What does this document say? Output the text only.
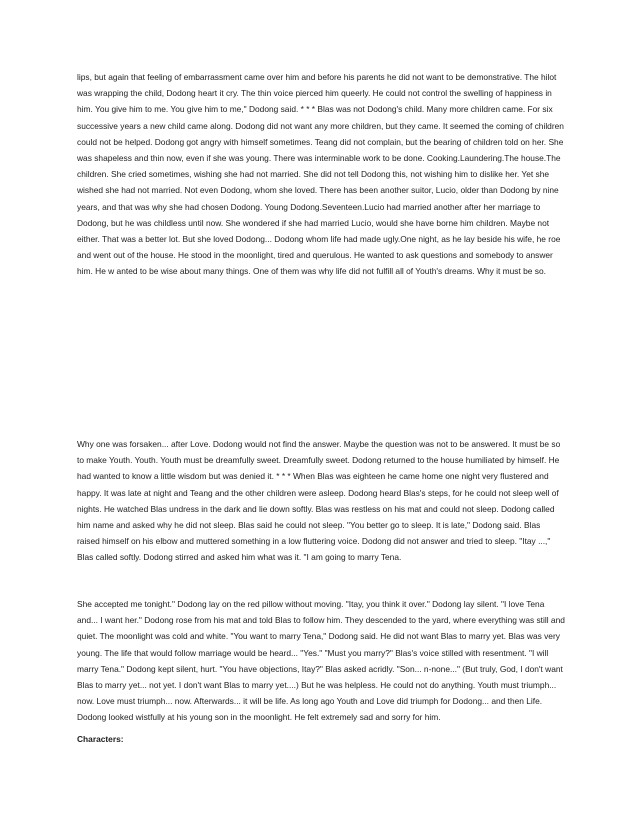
lips, but again that feeling of embarrassment came over him and before his parents he did not want to be demonstrative. The hilot was wrapping the child, Dodong heart it cry. The thin voice pierced him queerly. He could not control the swelling of happiness in him. You give him to me. You give him to me," Dodong said. * * * Blas was not Dodong's child. Many more children came. For six successive years a new child came along. Dodong did not want any more children, but they came. It seemed the coming of children could not be helped. Dodong got angry with himself sometimes. Teang did not complain, but the bearing of children told on her. She was shapeless and thin now, even if she was young. There was interminable work to be done. Cooking.Laundering.The house.The children. She cried sometimes, wishing she had not married. She did not tell Dodong this, not wishing him to dislike her. Yet she wished she had not married. Not even Dodong, whom she loved. There has been another suitor, Lucio, older than Dodong by nine years, and that was why she had chosen Dodong. Young Dodong.Seventeen.Lucio had married another after her marriage to Dodong, but he was childless until now. She wondered if she had married Lucio, would she have borne him children. Maybe not either. That was a better lot. But she loved Dodong... Dodong whom life had made ugly.One night, as he lay beside his wife, he roe and went out of the house. He stood in the moonlight, tired and querulous. He wanted to ask questions and somebody to answer him. He w anted to be wise about many things. One of them was why life did not fulfill all of Youth's dreams. Why it must be so.

Why one was forsaken... after Love. Dodong would not find the answer. Maybe the question was not to be answered. It must be so to make Youth. Youth. Youth must be dreamfully sweet. Dreamfully sweet. Dodong returned to the house humiliated by himself. He had wanted to know a little wisdom but was denied it. * * * When Blas was eighteen he came home one night very flustered and happy. It was late at night and Teang and the other children were asleep. Dodong heard Blas's steps, for he could not sleep well of nights. He watched Blas undress in the dark and lie down softly. Blas was restless on his mat and could not sleep. Dodong called him name and asked why he did not sleep. Blas said he could not sleep. "You better go to sleep. It is late," Dodong said. Blas raised himself on his elbow and muttered something in a low fluttering voice. Dodong did not answer and tried to sleep. "Itay ...," Blas called softly. Dodong stirred and asked him what was it. "I am going to marry Tena.

She accepted me tonight." Dodong lay on the red pillow without moving. "Itay, you think it over." Dodong lay silent. "I love Tena and... I want her." Dodong rose from his mat and told Blas to follow him. They descended to the yard, where everything was still and quiet. The moonlight was cold and white. "You want to marry Tena," Dodong said. He did not want Blas to marry yet. Blas was very young. The life that would follow marriage would be heard... "Yes." "Must you marry?" Blas's voice stilled with resentment. "I will marry Tena." Dodong kept silent, hurt. "You have objections, Itay?" Blas asked acridly. "Son... n-none..." (But truly, God, I don't want Blas to marry yet... not yet. I don't want Blas to marry yet....) But he was helpless. He could not do anything. Youth must triumph... now. Love must triumph... now. Afterwards... it will be life. As long ago Youth and Love did triumph for Dodong... and then Life. Dodong looked wistfully at his young son in the moonlight. He felt extremely sad and sorry for him.

Characters:
